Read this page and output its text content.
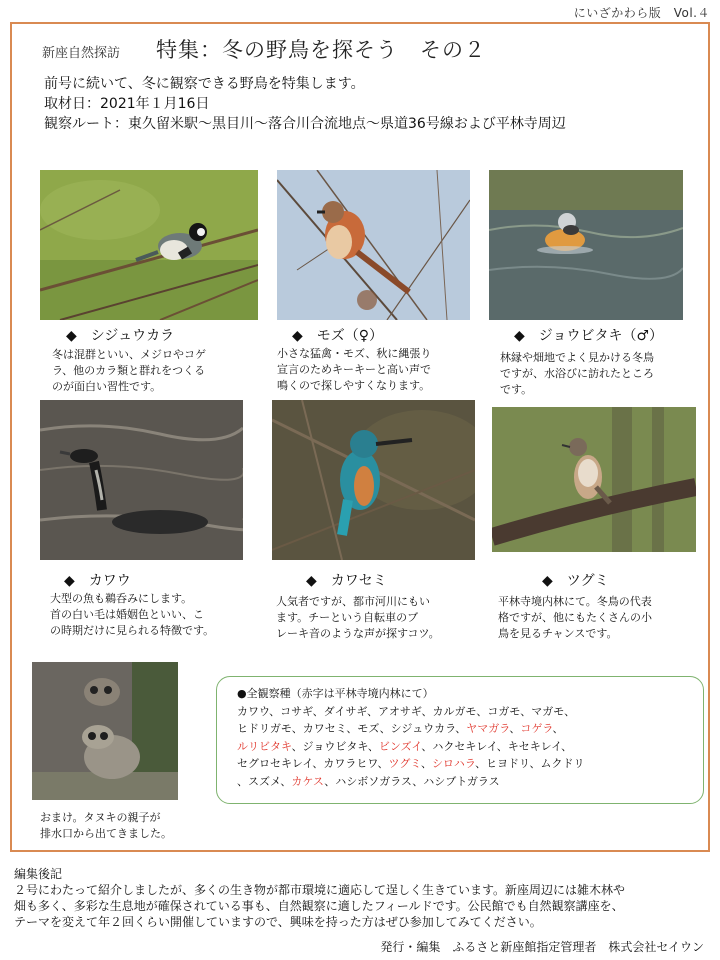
にいざかわら版　Vol.４
新座自然探訪 特集：冬の野鳥を探そう　その２
前号に続いて、冬に観察できる野鳥を特集します。
取材日：2021年１月16日
観察ルート：東久留米駅～黒目川～落合川合流地点～県道36号線および平林寺周辺
◆　シジュウカラ
冬は混群といい、メジロやコゲ
ラ、他のカラ類と群れをつくる
のが面白い習性です。
◆　モズ（♀）
小さな猛禽・モズ、秋に縄張り
宣言のためキーキーと高い声で
鳴くので探しやすくなります。
◆　ジョウビタキ（♂）
林縁や畑地でよく見かける冬鳥
ですが、水浴びに訪れたところ
です。
◆　カワウ
大型の魚も鵜呑みにします。
首の白い毛は婚姻色といい、こ
の時期だけに見られる特徴です。
◆　カワセミ
人気者ですが、都市河川にもい
ます。チーという自転車のブ
レーキ音のような声が探すコツ。
◆　ツグミ
平林寺境内林にて。冬鳥の代表
格ですが、他にもたくさんの小
鳥を見るチャンスです。
おまけ。タヌキの親子が
排水口から出てきました。
●全観察種（赤字は平林寺境内林にて）
カワウ、コサギ、ダイサギ、アオサギ、カルガモ、コガモ、マガモ、
ヒドリガモ、カワセミ、モズ、シジュウカラ、ヤマガラ、コゲラ、
ルリビタキ、ジョウビタキ、ビンズイ、ハクセキレイ、キセキレイ、
セグロセキレイ、カワラヒワ、ツグミ、シロハラ、ヒヨドリ、ムクドリ
、スズメ、カケス、ハシボソガラス、ハシブトガラス
編集後記
２号にわたって紹介しましたが、多くの生き物が都市環境に適応して逞しく生きています。新座周辺には雑木林や
畑も多く、多彩な生息地が確保されている事も、自然観察に適したフィールドです。公民館でも自然観察講座を、
テーマを変えて年２回くらい開催していますので、興味を持った方はぜひ参加してみてください。
発行・編集　ふるさと新座館指定管理者　株式会社セイウン
